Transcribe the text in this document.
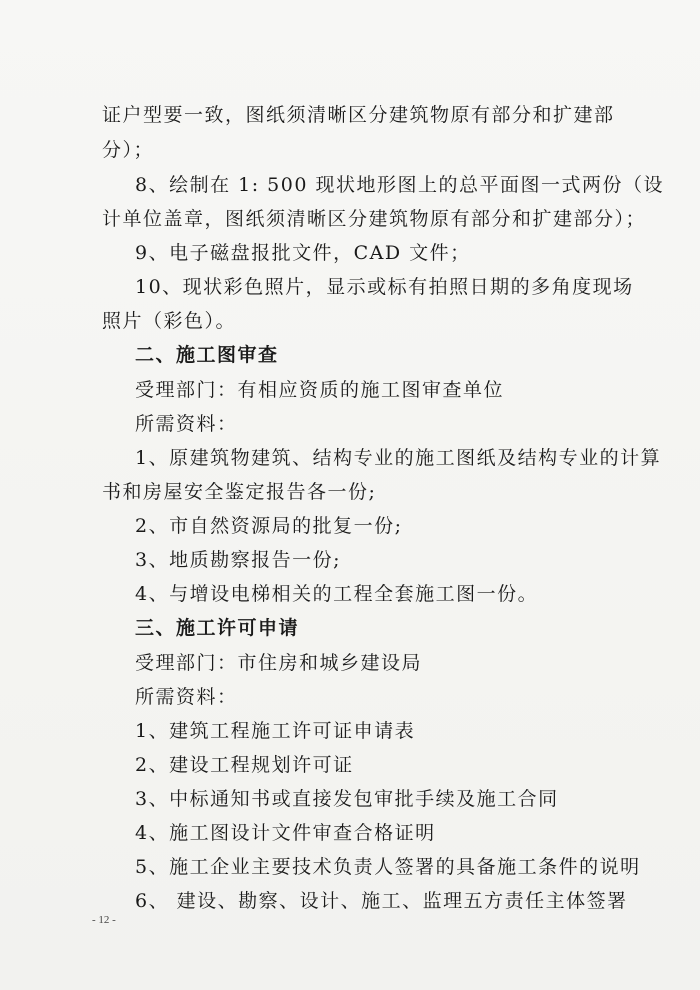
证户型要一致，图纸须清晰区分建筑物原有部分和扩建部
分）；
8、绘制在 1: 500 现状地形图上的总平面图一式两份（设
计单位盖章，图纸须清晰区分建筑物原有部分和扩建部分）；
9、电子磁盘报批文件，CAD 文件；
10、现状彩色照片，显示或标有拍照日期的多角度现场
照片（彩色）。
二、施工图审查
受理部门：有相应资质的施工图审查单位
所需资料：
1、原建筑物建筑、结构专业的施工图纸及结构专业的计算
书和房屋安全鉴定报告各一份;
2、市自然资源局的批复一份;
3、地质勘察报告一份;
4、与增设电梯相关的工程全套施工图一份。
三、施工许可申请
受理部门：市住房和城乡建设局
所需资料：
1、建筑工程施工许可证申请表
2、建设工程规划许可证
3、中标通知书或直接发包审批手续及施工合同
4、施工图设计文件审查合格证明
5、施工企业主要技术负责人签署的具备施工条件的说明
6、 建设、勘察、设计、施工、监理五方责任主体签署
- 12 -
